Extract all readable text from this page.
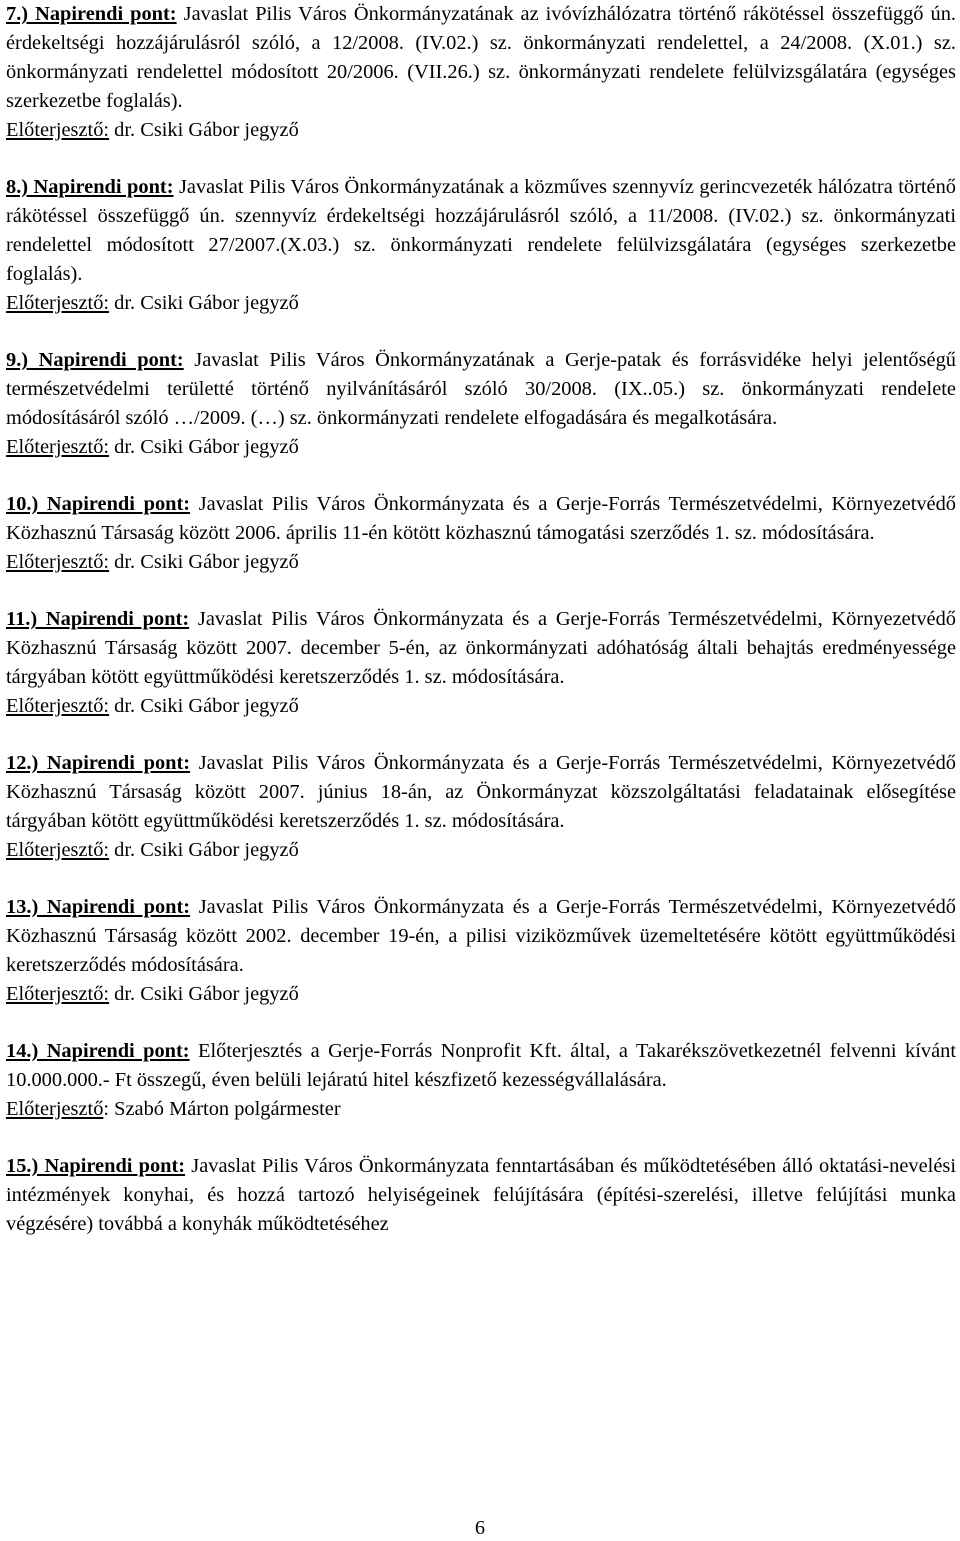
7.) Napirendi pont: Javaslat Pilis Város Önkormányzatának az ivóvízhálózatra történő rákötéssel összefüggő ún. érdekeltségi hozzájárulásról szóló, a 12/2008. (IV.02.) sz. önkormányzati rendelettel, a 24/2008. (X.01.) sz. önkormányzati rendelettel módosított 20/2006. (VII.26.) sz. önkormányzati rendelete felülvizsgálatára (egységes szerkezetbe foglalás).

Előterjesztő: dr. Csiki Gábor jegyző

8.) Napirendi pont: Javaslat Pilis Város Önkormányzatának a közműves szennyvíz gerincvezeték hálózatra történő rákötéssel összefüggő ún. szennyvíz érdekeltségi hozzájárulásról szóló, a 11/2008. (IV.02.) sz. önkormányzati rendelettel módosított 27/2007.(X.03.) sz. önkormányzati rendelete felülvizsgálatára (egységes szerkezetbe foglalás).

Előterjesztő: dr. Csiki Gábor jegyző

9.) Napirendi pont: Javaslat Pilis Város Önkormányzatának a Gerje-patak és forrásvidéke helyi jelentőségű természetvédelmi területté történő nyilvánításáról szóló 30/2008. (IX..05.) sz. önkormányzati rendelete módosításáról szóló …/2009. (…) sz. önkormányzati rendelete elfogadására és megalkotására.

Előterjesztő: dr. Csiki Gábor jegyző

10.) Napirendi pont: Javaslat Pilis Város Önkormányzata és a Gerje-Forrás Természetvédelmi, Környezetvédő Közhasznú Társaság között 2006. április 11-én kötött közhasznú támogatási szerződés 1. sz. módosítására.

Előterjesztő: dr. Csiki Gábor jegyző

11.) Napirendi pont: Javaslat Pilis Város Önkormányzata és a Gerje-Forrás Természetvédelmi, Környezetvédő Közhasznú Társaság között 2007. december 5-én, az önkormányzati adóhatóság általi behajtás eredményessége tárgyában kötött együttműködési keretszerződés 1. sz. módosítására.

Előterjesztő: dr. Csiki Gábor jegyző

12.) Napirendi pont: Javaslat Pilis Város Önkormányzata és a Gerje-Forrás Természetvédelmi, Környezetvédő Közhasznú Társaság között 2007. június 18-án, az Önkormányzat közszolgáltatási feladatainak elősegítése tárgyában kötött együttműködési keretszerződés 1. sz. módosítására.

Előterjesztő: dr. Csiki Gábor jegyző

13.) Napirendi pont: Javaslat Pilis Város Önkormányzata és a Gerje-Forrás Természetvédelmi, Környezetvédő Közhasznú Társaság között 2002. december 19-én, a pilisi viziközművek üzemeltetésére kötött együttműködési keretszerződés módosítására.

Előterjesztő: dr. Csiki Gábor jegyző

14.) Napirendi pont: Előterjesztés a Gerje-Forrás Nonprofit Kft. által, a Takarékszövetkezetnél felvenni kívánt 10.000.000.- Ft összegű, éven belüli lejáratú hitel készfizető kezességvállalására.

Előterjesztő: Szabó Márton polgármester

15.) Napirendi pont: Javaslat Pilis Város Önkormányzata fenntartásában és működtetésében álló oktatási-nevelési intézmények konyhai, és hozzá tartozó helyiségeinek felújítására (építési-szerelési, illetve felújítási munka végzésére) továbbá a konyhák működtetéséhez

6
